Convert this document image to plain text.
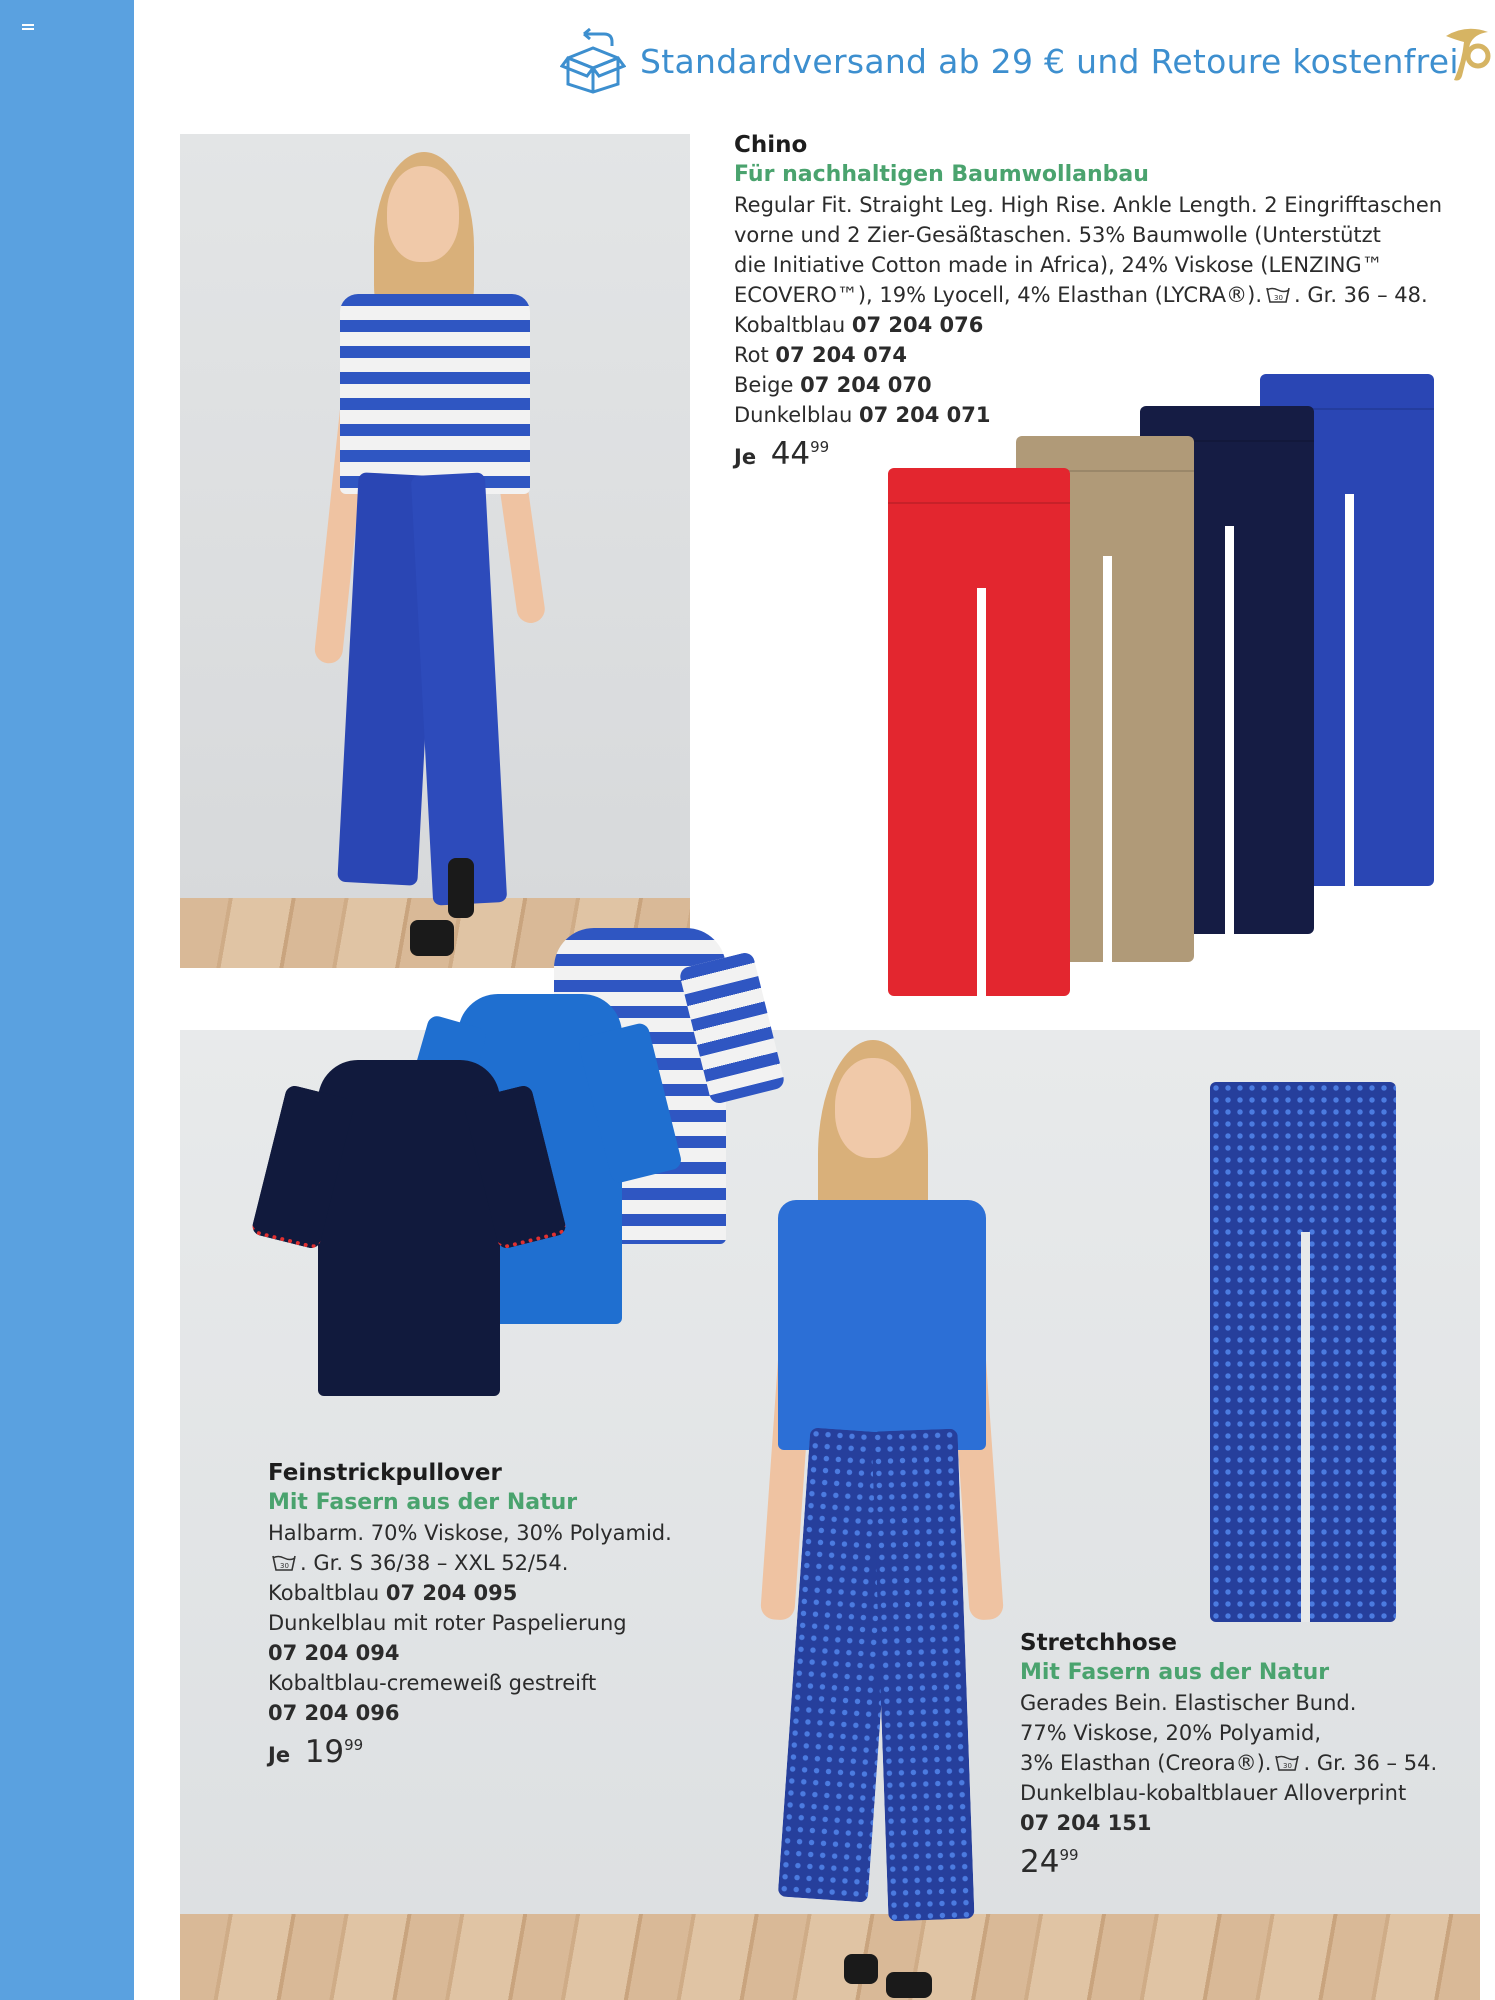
Standardversand ab 29 € und Retoure kostenfrei
Chino
Für nachhaltigen Baumwollanbau
Regular Fit. Straight Leg. High Rise. Ankle Length. 2 Eingrifftaschen
vorne und 2 Zier-Gesäßtaschen. 53% Baumwolle (Unterstützt
die Initiative Cotton made in Africa), 24% Viskose (LENZING™
ECOVERO™), 19% Lyocell, 4% Elasthan (LYCRA®). 30 . Gr. 36 – 48.
Kobaltblau 07 204 076
Rot 07 204 074
Beige 07 204 070
Dunkelblau 07 204 071
Je $44^{99}$
Feinstrickpullover
Mit Fasern aus der Natur
Halbarm. 70% Viskose, 30% Polyamid.
30 . Gr. S 36/38 – XXL 52/54.
Kobaltblau 07 204 095
Dunkelblau mit roter Paspelierung
07 204 094
Kobaltblau-cremeweiß gestreift
07 204 096
Je $19^{99}$
Stretchhose
Mit Fasern aus der Natur
Gerades Bein. Elastischer Bund.
77% Viskose, 20% Polyamid,
3% Elasthan (Creora®). 30 . Gr. 36 – 54.
Dunkelblau-kobaltblauer Alloverprint
07 204 151
$24^{99}$
